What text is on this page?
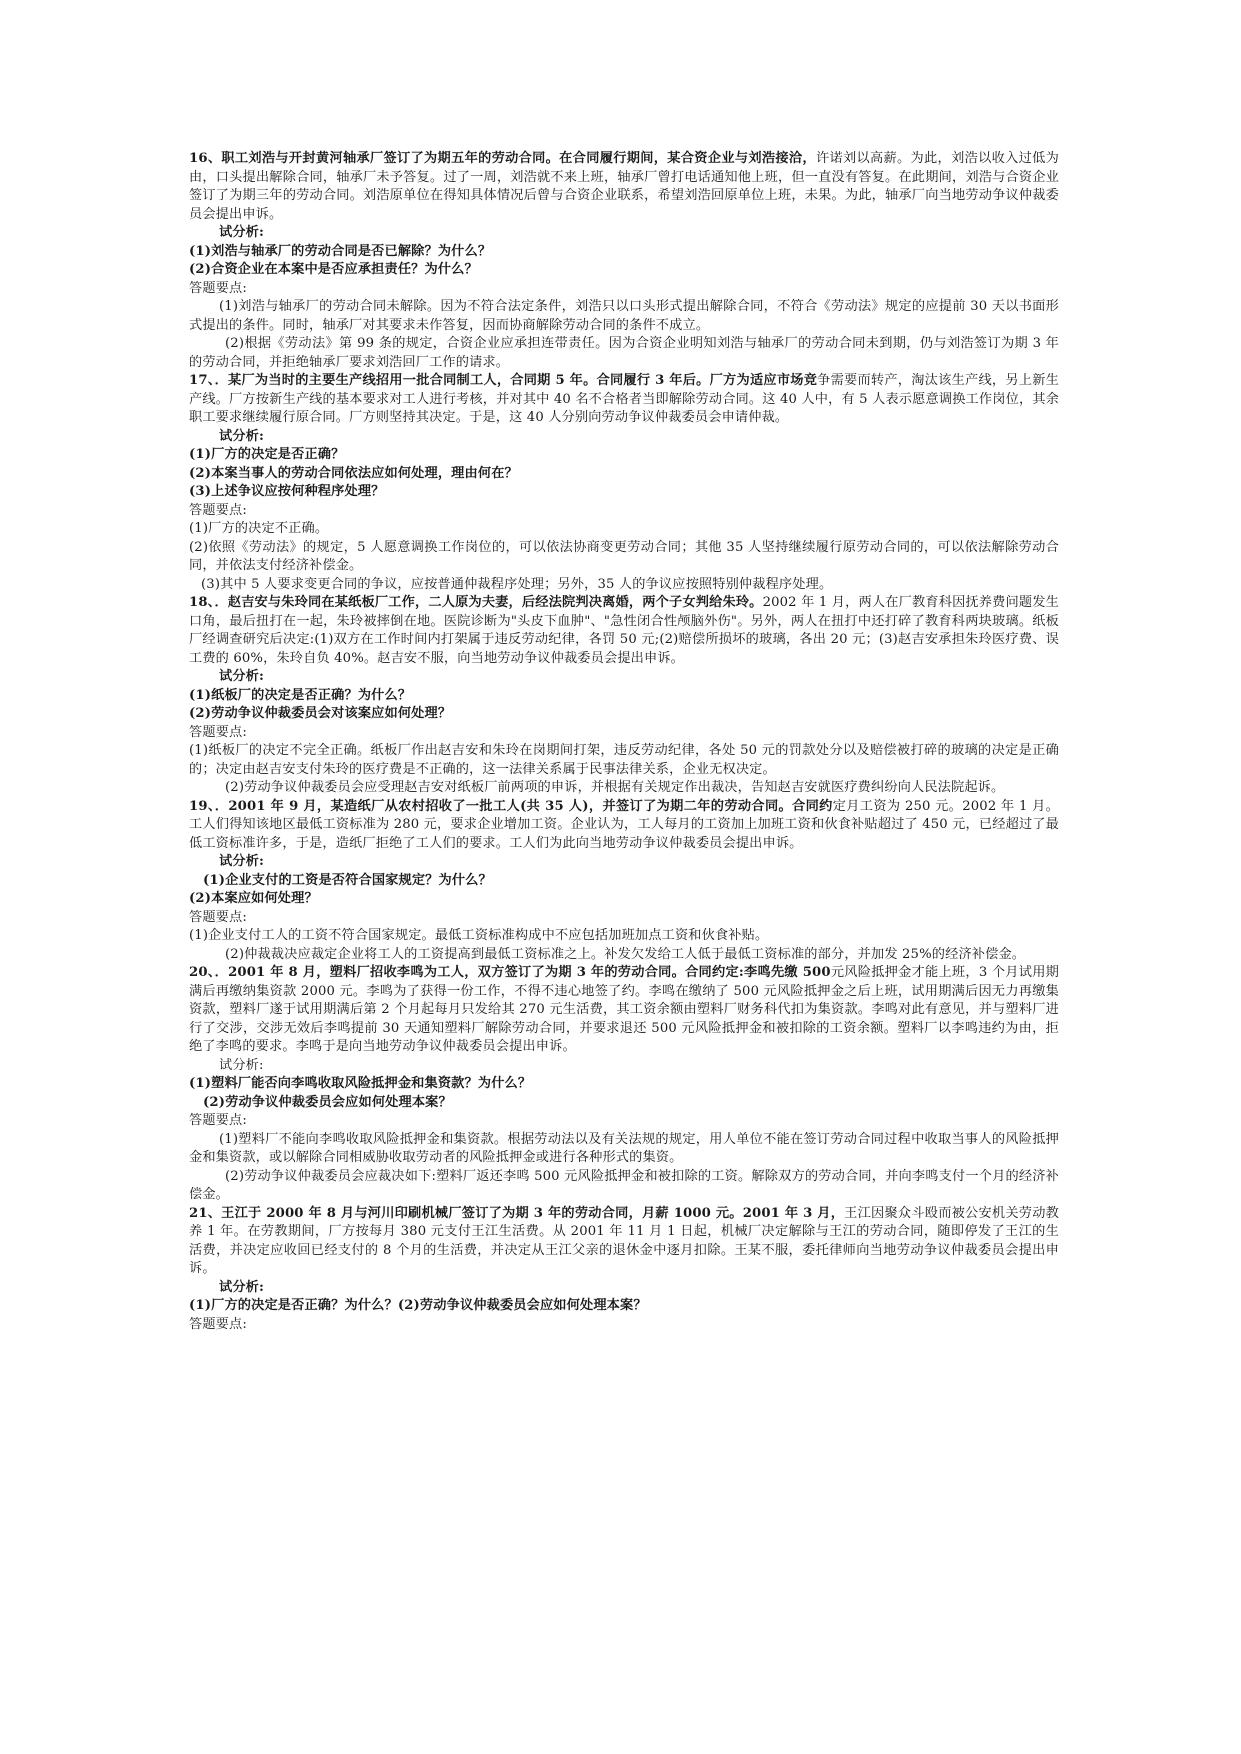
16、职工刘浩与开封黄河轴承厂签订了为期五年的劳动合同。在合同履行期间，某合资企业与刘浩接洽，许诺刘以高薪。为此，刘浩以收入过低为由，口头提出解除合同，轴承厂未予答复。过了一周，刘浩就不来上班，轴承厂曾打电话通知他上班，但一直没有答复。在此期间，刘浩与合资企业签订了为期三年的劳动合同。刘浩原单位在得知具体情况后曾与合资企业联系，希望刘浩回原单位上班，未果。为此，轴承厂向当地劳动争议仲裁委员会提出申诉。

试分析:

(1)刘浩与轴承厂的劳动合同是否已解除？为什么？

(2)合资企业在本案中是否应承担责任？为什么？

答题要点:

(1)刘浩与轴承厂的劳动合同未解除。因为不符合法定条件，刘浩只以口头形式提出解除合同，不符合《劳动法》规定的应提前 30 天以书面形式提出的条件。同时，轴承厂对其要求未作答复，因而协商解除劳动合同的条件不成立。

(2)根据《劳动法》第 99 条的规定，合资企业应承担连带责任。因为合资企业明知刘浩与轴承厂的劳动合同未到期，仍与刘浩签订为期 3 年的劳动合同，并拒绝轴承厂要求刘浩回厂工作的请求。

17、．某厂为当时的主要生产线招用一批合同制工人，合同期 5 年。合同履行 3 年后。厂方为适应市场竞争需要而转产，淘汰该生产线，另上新生产线。厂方按新生产线的基本要求对工人进行考核，并对其中 40 名不合格者当即解除劳动合同。这 40 人中，有 5 人表示愿意调换工作岗位，其余职工要求继续履行原合同。厂方则坚持其决定。于是，这 40 人分别向劳动争议仲裁委员会申请仲裁。

试分析:

(1)厂方的决定是否正确？

(2)本案当事人的劳动合同依法应如何处理，理由何在？

(3)上述争议应按何种程序处理？

答题要点:

(1)厂方的决定不正确。

(2)依照《劳动法》的规定，5 人愿意调换工作岗位的，可以依法协商变更劳动合同；其他 35 人坚持继续履行原劳动合同的，可以依法解除劳动合同，并依法支付经济补偿金。

(3)其中 5 人要求变更合同的争议，应按普通仲裁程序处理；另外，35 人的争议应按照特别仲裁程序处理。

18、．赵吉安与朱玲同在某纸板厂工作，二人原为夫妻，后经法院判决离婚，两个子女判给朱玲。2002 年 1 月，两人在厂教育科因抚养费问题发生口角，最后扭打在一起，朱玲被摔倒在地。医院诊断为"头皮下血肿"、"急性闭合性颅脑外伤"。另外，两人在扭打中还打碎了教育科两块玻璃。纸板厂经调查研究后决定:(1)双方在工作时间内打架属于违反劳动纪律，各罚 50 元;(2)赔偿所损坏的玻璃，各出 20 元；(3)赵吉安承担朱玲医疗费、误工费的 60%，朱玲自负 40%。赵吉安不服，向当地劳动争议仲裁委员会提出申诉。

试分析:

(1)纸板厂的决定是否正确？为什么？

(2)劳动争议仲裁委员会对该案应如何处理？

答题要点:

(1)纸板厂的决定不完全正确。纸板厂作出赵吉安和朱玲在岗期间打架，违反劳动纪律，各处 50 元的罚款处分以及赔偿被打碎的玻璃的决定是正确的；决定由赵吉安支付朱玲的医疗费是不正确的，这一法律关系属于民事法律关系，企业无权决定。

(2)劳动争议仲裁委员会应受理赵吉安对纸板厂前两项的申诉，并根据有关规定作出裁决，告知赵吉安就医疗费纠纷向人民法院起诉。

19、．2001 年 9 月，某造纸厂从农村招收了一批工人(共 35 人)，并签订了为期二年的劳动合同。合同约定月工资为 250 元。2002 年 1 月。工人们得知该地区最低工资标准为 280 元，要求企业增加工资。企业认为，工人每月的工资加上加班工资和伙食补贴超过了 450 元，已经超过了最低工资标准许多，于是，造纸厂拒绝了工人们的要求。工人们为此向当地劳动争议仲裁委员会提出申诉。

试分析:

(1)企业支付的工资是否符合国家规定？为什么？

(2)本案应如何处理？

答题要点:

(1)企业支付工人的工资不符合国家规定。最低工资标准构成中不应包括加班加点工资和伙食补贴。

(2)仲裁裁决应裁定企业将工人的工资提高到最低工资标准之上。补发欠发给工人低于最低工资标准的部分，并加发 25%的经济补偿金。

20、．2001 年 8 月，塑料厂招收李鸣为工人，双方签订了为期 3 年的劳动合同。合同约定:李鸣先缴 500元风险抵押金才能上班，3 个月试用期满后再缴纳集资款 2000 元。李鸣为了获得一份工作，不得不违心地签了约。李鸣在缴纳了 500 元风险抵押金之后上班，试用期满后因无力再缴集资款，塑料厂遂于试用期满后第 2 个月起每月只发给其 270 元生活费，其工资余额由塑料厂财务科代扣为集资款。李鸣对此有意见，并与塑料厂进行了交涉，交涉无效后李鸣提前 30 天通知塑料厂解除劳动合同，并要求退还 500 元风险抵押金和被扣除的工资余额。塑料厂以李鸣违约为由，拒绝了李鸣的要求。李鸣于是向当地劳动争议仲裁委员会提出申诉。

试分析:

(1)塑料厂能否向李鸣收取风险抵押金和集资款？为什么？

(2)劳动争议仲裁委员会应如何处理本案？

答题要点:

(1)塑料厂不能向李鸣收取风险抵押金和集资款。根据劳动法以及有关法规的规定，用人单位不能在签订劳动合同过程中收取当事人的风险抵押金和集资款，或以解除合同相威胁收取劳动者的风险抵押金或进行各种形式的集资。

(2)劳动争议仲裁委员会应裁决如下:塑料厂返还李鸣 500 元风险抵押金和被扣除的工资。解除双方的劳动合同，并向李鸣支付一个月的经济补偿金。

21、王江于 2000 年 8 月与河川印刷机械厂签订了为期 3 年的劳动合同，月薪 1000 元。2001 年 3 月，王江因聚众斗殴而被公安机关劳动教养 1 年。在劳教期间，厂方按每月 380 元支付王江生活费。从 2001 年 11 月 1 日起，机械厂决定解除与王江的劳动合同，随即停发了王江的生活费，并决定应收回已经支付的 8 个月的生活费，并决定从王江父亲的退休金中逐月扣除。王某不服，委托律师向当地劳动争议仲裁委员会提出申诉。

试分析:

(1)厂方的决定是否正确？为什么？(2)劳动争议仲裁委员会应如何处理本案？

答题要点:
